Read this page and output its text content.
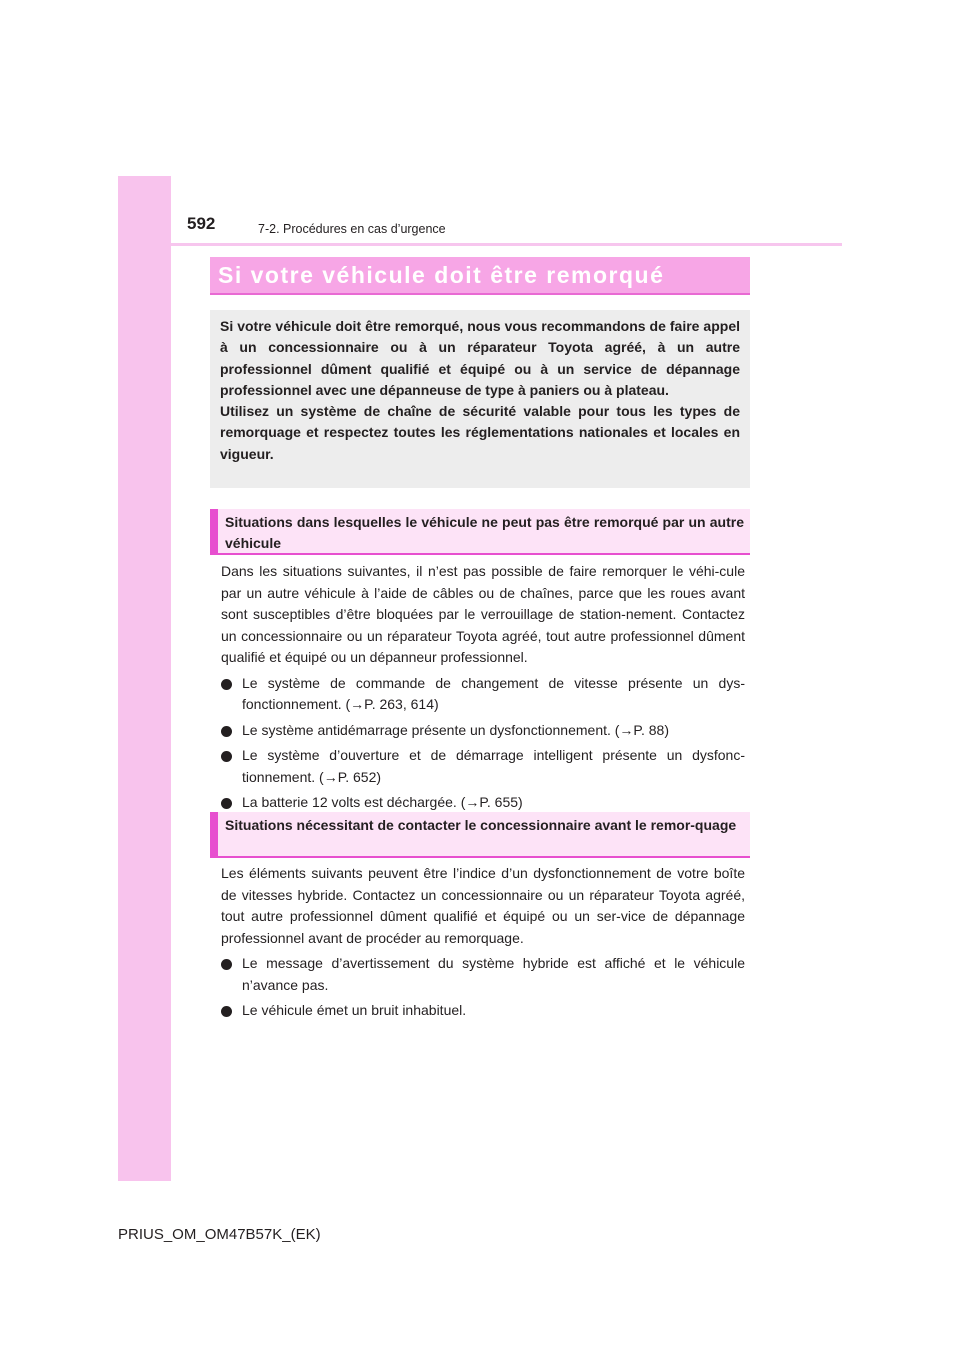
592	7-2. Procédures en cas d’urgence
Si votre véhicule doit être remorqué

Si votre véhicule doit être remorqué, nous vous recommandons de faire appel à un concessionnaire ou à un réparateur Toyota agréé, à un autre professionnel dûment qualifié et équipé ou à un service de dépannage professionnel avec une dépanneuse de type à paniers ou à plateau.

Utilisez un système de chaîne de sécurité valable pour tous les types de remorquage et respectez toutes les réglementations nationales et locales en vigueur.

Situations dans lesquelles le véhicule ne peut pas être remorqué par un autre véhicule

Dans les situations suivantes, il n’est pas possible de faire remorquer le véhi-cule par un autre véhicule à l’aide de câbles ou de chaînes, parce que les roues avant sont susceptibles d’être bloquées par le verrouillage de station-nement. Contactez un concessionnaire ou un réparateur Toyota agréé, tout autre professionnel dûment qualifié et équipé ou un dépanneur professionnel.

Le système de commande de changement de vitesse présente un dys-fonctionnement. (→P. 263, 614)
Le système antidémarrage présente un dysfonctionnement. (→P. 88)
Le système d’ouverture et de démarrage intelligent présente un dysfonc-tionnement. (→P. 652)
La batterie 12 volts est déchargée. (→P. 655)
Situations nécessitant de contacter le concessionnaire avant le remor-quage

Les éléments suivants peuvent être l’indice d’un dysfonctionnement de votre boîte de vitesses hybride. Contactez un concessionnaire ou un réparateur Toyota agréé, tout autre professionnel dûment qualifié et équipé ou un ser-vice de dépannage professionnel avant de procéder au remorquage.

Le message d’avertissement du système hybride est affiché et le véhicule n’avance pas.
Le véhicule émet un bruit inhabituel.
PRIUS_OM_OM47B57K_(EK)
